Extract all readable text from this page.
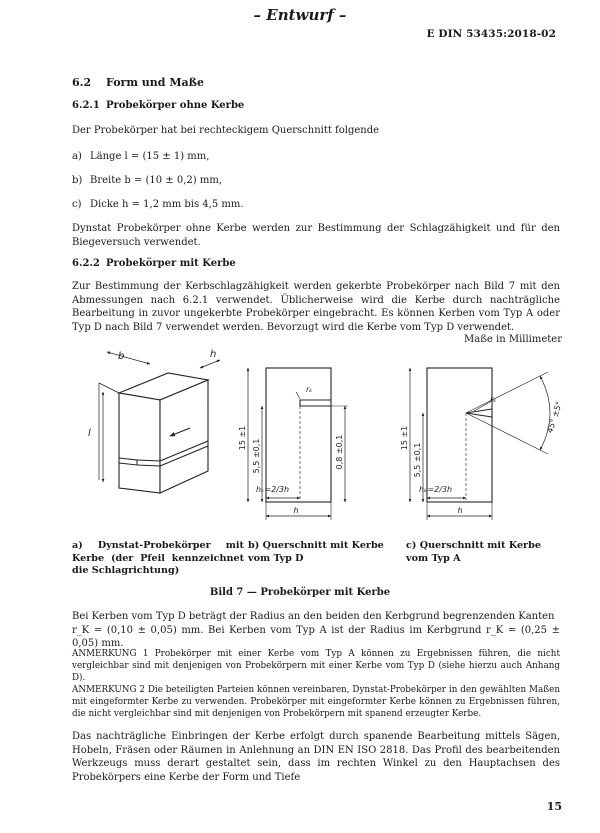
– Entwurf –
E DIN 53435:2018-02
6.2 Form und Maße
6.2.1 Probekörper ohne Kerbe
Der Probekörper hat bei rechteckigem Querschnitt folgende
a) Länge l = (15 ± 1) mm,
b) Breite b = (10 ± 0,2) mm,
c) Dicke h = 1,2 mm bis 4,5 mm.
Dynstat Probekörper ohne Kerbe werden zur Bestimmung der Schlagzähigkeit und für den Biegeversuch verwendet.
6.2.2 Probekörper mit Kerbe
Zur Bestimmung der Kerbschlagzähigkeit werden gekerbte Probekörper nach Bild 7 mit den Abmessungen nach 6.2.1 verwendet. Üblicherweise wird die Kerbe durch nachträgliche Bearbeitung in zuvor ungekerbte Probekörper eingebracht. Es können Kerben vom Typ A oder Typ D nach Bild 7 verwendet werden. Bevorzugt wird die Kerbe vom Typ D verwendet.
Maße in Millimeter
b	h
l
rₖ
15 ±1
5,5 ±0,1	0,8 ±0,1
hₖ=2/3h
h
rₖ
15 ±1
5,5 ±0,1
45° ±5°
hₖ=2/3h
h
a) Dynstat-Probekörper mit Kerbe (der Pfeil kennzeichnet die Schlagrichtung)
b) Querschnitt mit Kerbe vom Typ D
c) Querschnitt mit Kerbe vom Typ A
Bild 7 — Probekörper mit Kerbe
Bei Kerben vom Typ D beträgt der Radius an den beiden den Kerbgrund begrenzenden Kanten
r_K = (0,10 ± 0,05) mm. Bei Kerben vom Typ A ist der Radius im Kerbgrund r_K = (0,25 ± 0,05) mm.
ANMERKUNG 1 Probekörper mit einer Kerbe vom Typ A können zu Ergebnissen führen, die nicht vergleichbar sind mit denjenigen von Probekörpern mit einer Kerbe vom Typ D (siehe hierzu auch Anhang D).
ANMERKUNG 2 Die beteiligten Parteien können vereinbaren, Dynstat-Probekörper in den gewählten Maßen mit eingeformter Kerbe zu verwenden. Probekörper mit eingeformter Kerbe können zu Ergebnissen führen, die nicht vergleichbar sind mit denjenigen von Probekörpern mit spanend erzeugter Kerbe.
Das nachträgliche Einbringen der Kerbe erfolgt durch spanende Bearbeitung mittels Sägen, Hobeln, Fräsen oder Räumen in Anlehnung an DIN EN ISO 2818. Das Profil des bearbeitenden Werkzeugs muss derart gestaltet sein, dass im rechten Winkel zu den Hauptachsen des Probekörpers eine Kerbe der Form und Tiefe
15
